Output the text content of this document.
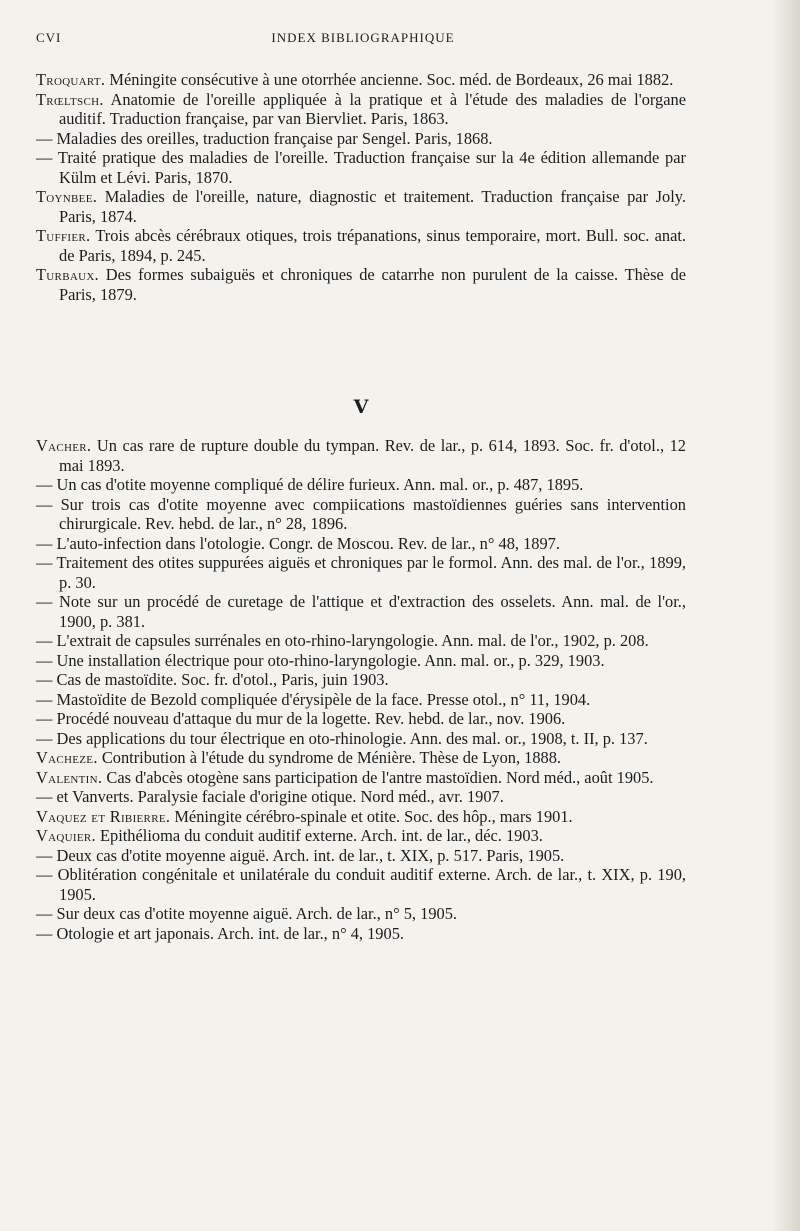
CVI	INDEX BIBLIOGRAPHIQUE

Troquart. Méningite consécutive à une otorrhée ancienne. Soc. méd. de Bordeaux, 26 mai 1882.

Trœltsch. Anatomie de l'oreille appliquée à la pratique et à l'étude des maladies de l'organe auditif. Traduction française, par van Biervliet. Paris, 1863.

— Maladies des oreilles, traduction française par Sengel. Paris, 1868.

— Traité pratique des maladies de l'oreille. Traduction française sur la 4e édition allemande par Külm et Lévi. Paris, 1870.

Toynbee. Maladies de l'oreille, nature, diagnostic et traitement. Traduction française par Joly. Paris, 1874.

Tuffier. Trois abcès cérébraux otiques, trois trépanations, sinus temporaire, mort. Bull. soc. anat. de Paris, 1894, p. 245.

Turbaux. Des formes subaiguës et chroniques de catarrhe non purulent de la caisse. Thèse de Paris, 1879.

V

Vacher. Un cas rare de rupture double du tympan. Rev. de lar., p. 614, 1893. Soc. fr. d'otol., 12 mai 1893.

— Un cas d'otite moyenne compliqué de délire furieux. Ann. mal. or., p. 487, 1895.

— Sur trois cas d'otite moyenne avec compiications mastoïdiennes guéries sans intervention chirurgicale. Rev. hebd. de lar., n° 28, 1896.

— L'auto-infection dans l'otologie. Congr. de Moscou. Rev. de lar., n° 48, 1897.

— Traitement des otites suppurées aiguës et chroniques par le formol. Ann. des mal. de l'or., 1899, p. 30.

— Note sur un procédé de curetage de l'attique et d'extraction des osselets. Ann. mal. de l'or., 1900, p. 381.

— L'extrait de capsules surrénales en oto-rhino-laryngologie. Ann. mal. de l'or., 1902, p. 208.

— Une installation électrique pour oto-rhino-laryngologie. Ann. mal. or., p. 329, 1903.

— Cas de mastoïdite. Soc. fr. d'otol., Paris, juin 1903.

— Mastoïdite de Bezold compliquée d'érysipèle de la face. Presse otol., n° 11, 1904.

— Procédé nouveau d'attaque du mur de la logette. Rev. hebd. de lar., nov. 1906.

— Des applications du tour électrique en oto-rhinologie. Ann. des mal. or., 1908, t. II, p. 137.

Vacheze. Contribution à l'étude du syndrome de Ménière. Thèse de Lyon, 1888.

Valentin. Cas d'abcès otogène sans participation de l'antre mastoïdien. Nord méd., août 1905.

— et Vanverts. Paralysie faciale d'origine otique. Nord méd., avr. 1907.

Vaquez et Ribierre. Méningite cérébro-spinale et otite. Soc. des hôp., mars 1901.

Vaquier. Epithélioma du conduit auditif externe. Arch. int. de lar., déc. 1903.

— Deux cas d'otite moyenne aiguë. Arch. int. de lar., t. XIX, p. 517. Paris, 1905.

— Oblitération congénitale et unilatérale du conduit auditif externe. Arch. de lar., t. XIX, p. 190, 1905.

— Sur deux cas d'otite moyenne aiguë. Arch. de lar., n° 5, 1905.

— Otologie et art japonais. Arch. int. de lar., n° 4, 1905.
